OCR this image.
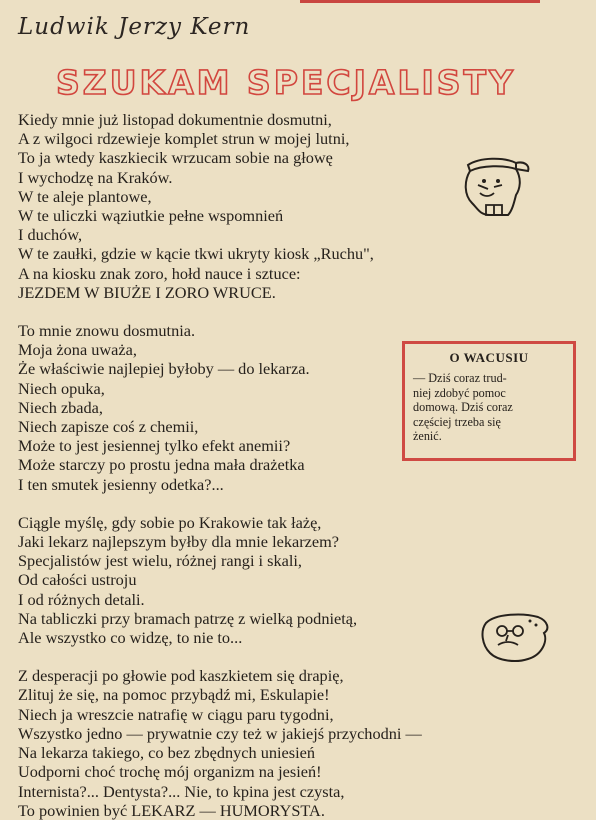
Ludwik Jerzy Kern
SZUKAM SPECJALISTY
Kiedy mnie już listopad dokumentnie dosmutni,
A z wilgoci rdzewieje komplet strun w mojej lutni,
To ja wtedy kaszkiecik wrzucam sobie na głowę
I wychodzę na Kraków.
W te aleje plantowe,
W te uliczki wąziutkie pełne wspomnień
I duchów,
W te zaułki, gdzie w kącie tkwi ukryty kiosk „Ruchu",
A na kiosku znak zoro, hołd nauce i sztuce:
JEZDEM W BIUŻE I ZORO WRUCE.
To mnie znowu dosmutnia.
Moja żona uważa,
Że właściwie najlepiej byłoby — do lekarza.
Niech opuka,
Niech zbada,
Niech zapisze coś z chemii,
Może to jest jesiennej tylko efekt anemii?
Może starczy po prostu jedna mała drażetka
I ten smutek jesienny odetka?...
Ciągle myślę, gdy sobie po Krakowie tak łażę,
Jaki lekarz najlepszym byłby dla mnie lekarzem?
Specjalistów jest wielu, różnej rangi i skali,
Od całości ustroju
I od różnych detali.
Na tabliczki przy bramach patrzę z wielką podnietą,
Ale wszystko co widzę, to nie to...
Z desperacji po głowie pod kaszkietem się drapię,
Zlituj że się, na pomoc przybądź mi, Eskulapie!
Niech ja wreszcie natrafię w ciągu paru tygodni,
Wszystko jedno — prywatnie czy też w jakiejś przychodni —
Na lekarza takiego, co bez zbędnych uniesień
Uodporni choć trochę mój organizm na jesień!
Internista?... Dentysta?... Nie, to kpina jest czysta,
To powinien być LEKARZ — HUMORYSTA.
O WACUSIU
— Dziś coraz trud-
niej zdobyć pomoc
domową. Dziś coraz
częściej trzeba się
żenić.
